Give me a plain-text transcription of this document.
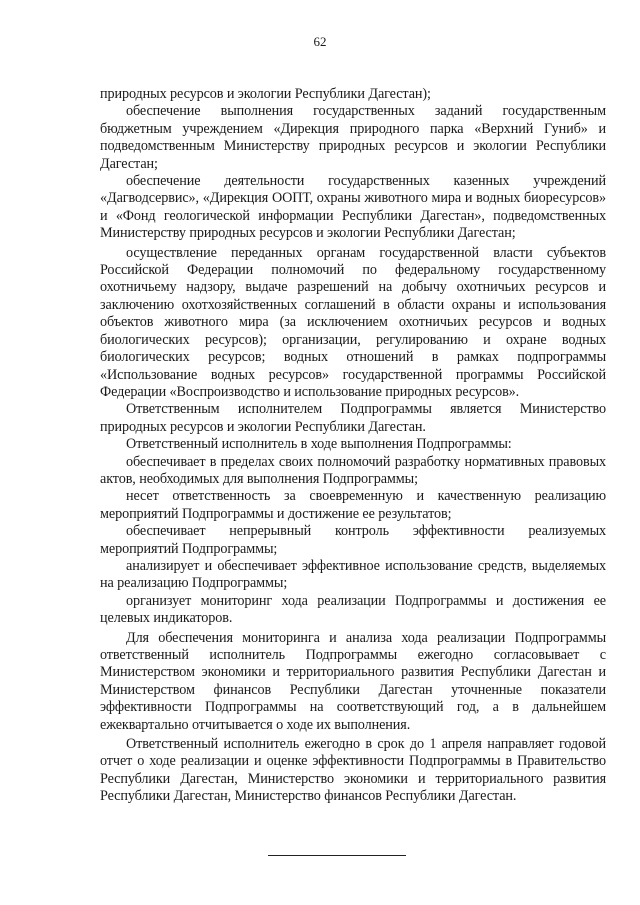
62

природных ресурсов и экологии Республики Дагестан);

обеспечение выполнения государственных заданий государственным бюджетным учреждением «Дирекция природного парка «Верхний Гуниб» и подведомственным Министерству природных ресурсов и экологии Республики Дагестан;

обеспечение деятельности государственных казенных учреждений «Дагводсервис», «Дирекция ООПТ, охраны животного мира и водных биоресурсов» и «Фонд геологической информации Республики Дагестан», подведомственных Министерству природных ресурсов и экологии Республики Дагестан;

осуществление переданных органам государственной власти субъектов Российской Федерации полномочий по федеральному государственному охотничьему надзору, выдаче разрешений на добычу охотничьих ресурсов и заключению охотхозяйственных соглашений в области охраны и использования объектов животного мира (за исключением охотничьих ресурсов и водных биологических ресурсов); организации, регулированию и охране водных биологических ресурсов; водных отношений в рамках подпрограммы «Использование водных ресурсов» государственной программы Российской Федерации «Воспроизводство и использование природных ресурсов».

Ответственным исполнителем Подпрограммы является Министерство природных ресурсов и экологии Республики Дагестан.

Ответственный исполнитель в ходе выполнения Подпрограммы:

обеспечивает в пределах своих полномочий разработку нормативных правовых актов, необходимых для выполнения Подпрограммы;

несет ответственность за своевременную и качественную реализацию мероприятий Подпрограммы и достижение ее результатов;

обеспечивает непрерывный контроль эффективности реализуемых мероприятий Подпрограммы;

анализирует и обеспечивает эффективное использование средств, выделяемых на реализацию Подпрограммы;

организует мониторинг хода реализации Подпрограммы и достижения ее целевых индикаторов.

Для обеспечения мониторинга и анализа хода реализации Подпрограммы ответственный исполнитель Подпрограммы ежегодно согласовывает с Министерством экономики и территориального развития Республики Дагестан и Министерством финансов Республики Дагестан уточненные показатели эффективности Подпрограммы на соответствующий год, а в дальнейшем ежеквартально отчитывается о ходе их выполнения.

Ответственный исполнитель ежегодно в срок до 1 апреля направляет годовой отчет о ходе реализации и оценке эффективности Подпрограммы в Правительство Республики Дагестан, Министерство экономики и территориального развития Республики Дагестан, Министерство финансов Республики Дагестан.
